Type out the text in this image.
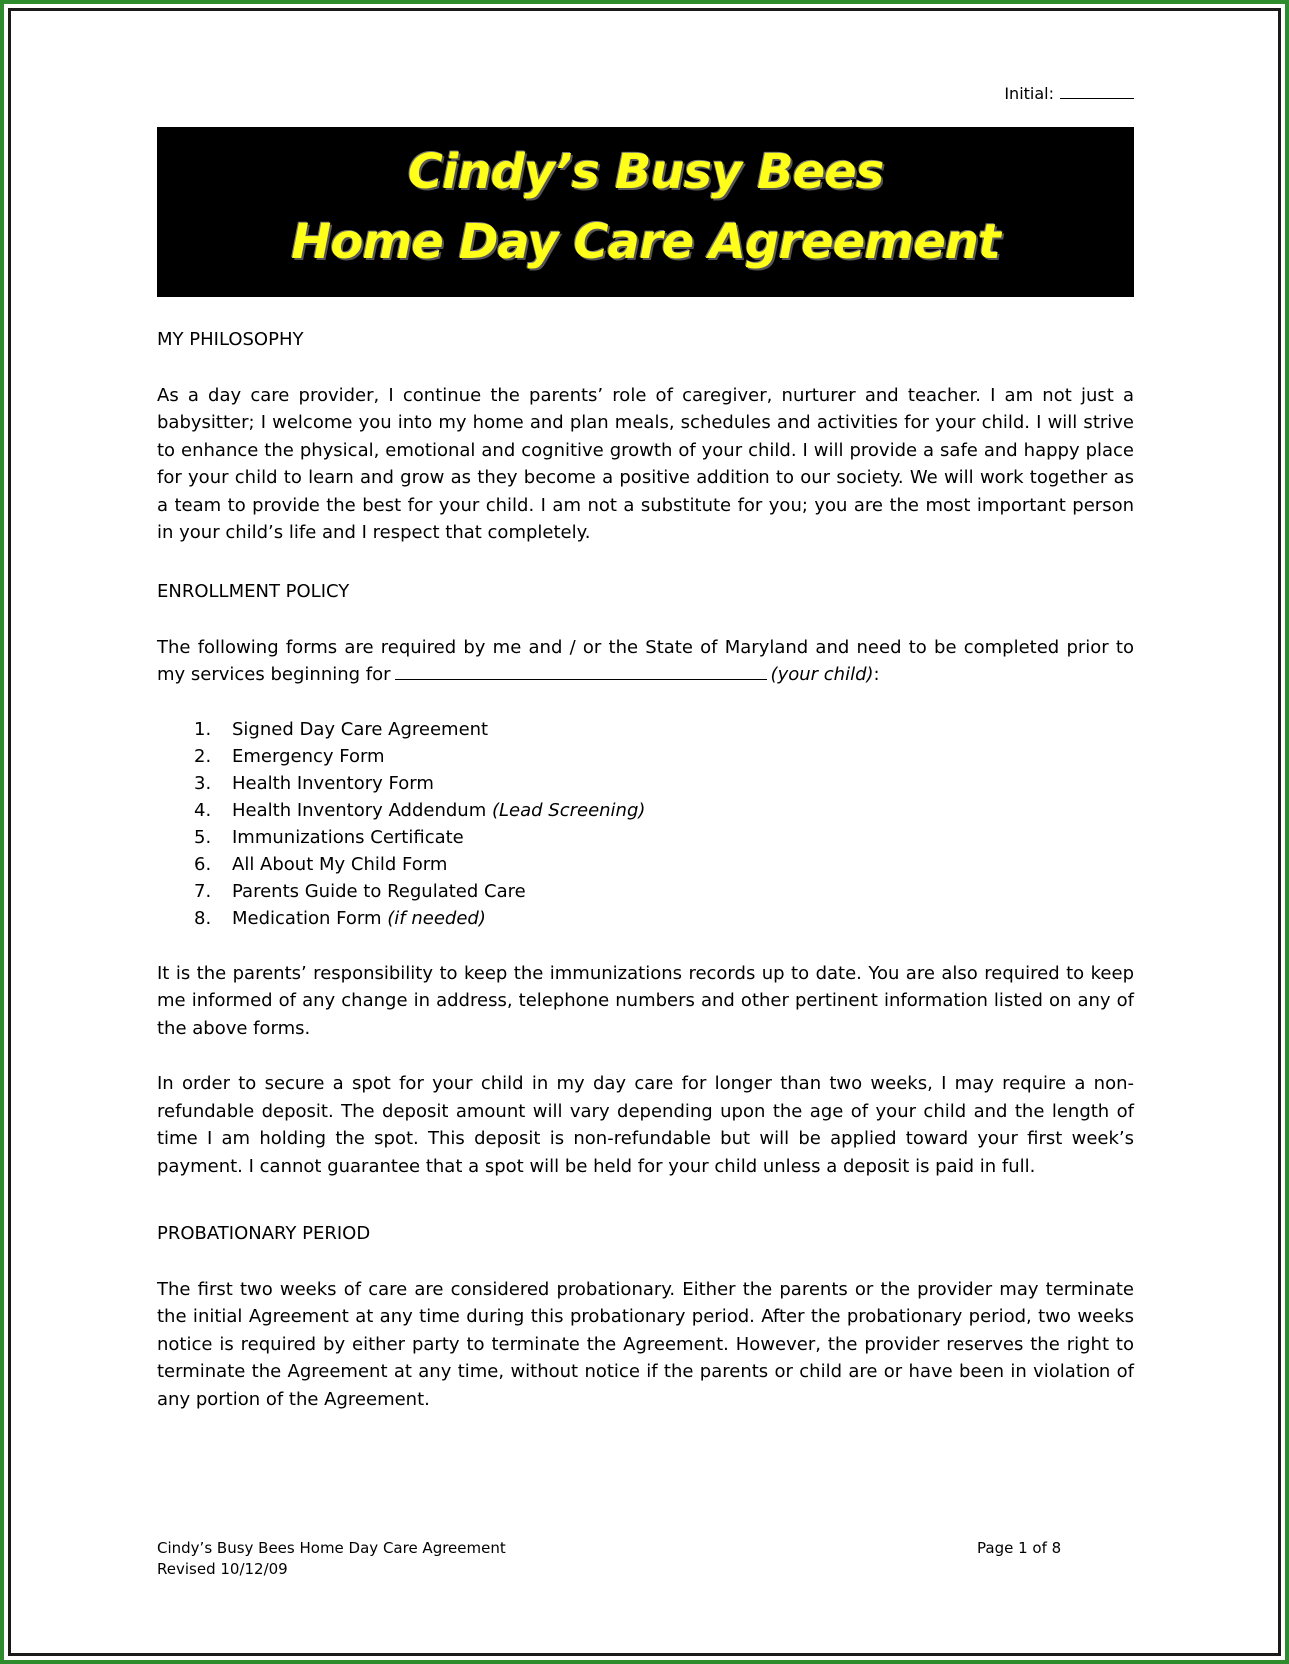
Initial:
Cindy’s Busy Bees
Home Day Care Agreement
MY PHILOSOPHY
As a day care provider, I continue the parents’ role of caregiver, nurturer and teacher. I am not just a babysitter; I welcome you into my home and plan meals, schedules and activities for your child. I will strive to enhance the physical, emotional and cognitive growth of your child. I will provide a safe and happy place for your child to learn and grow as they become a positive addition to our society. We will work together as a team to provide the best for your child. I am not a substitute for you; you are the most important person in your child’s life and I respect that completely.
ENROLLMENT POLICY
The following forms are required by me and / or the State of Maryland and need to be completed prior to my services beginning for	(your child):
1. Signed Day Care Agreement
2. Emergency Form
3. Health Inventory Form
4. Health Inventory Addendum (Lead Screening)
5. Immunizations Certificate
6. All About My Child Form
7. Parents Guide to Regulated Care
8. Medication Form (if needed)
It is the parents’ responsibility to keep the immunizations records up to date. You are also required to keep me informed of any change in address, telephone numbers and other pertinent information listed on any of the above forms.
In order to secure a spot for your child in my day care for longer than two weeks, I may require a non-refundable deposit. The deposit amount will vary depending upon the age of your child and the length of time I am holding the spot. This deposit is non-refundable but will be applied toward your first week’s payment. I cannot guarantee that a spot will be held for your child unless a deposit is paid in full.
PROBATIONARY PERIOD
The first two weeks of care are considered probationary. Either the parents or the provider may terminate the initial Agreement at any time during this probationary period. After the probationary period, two weeks notice is required by either party to terminate the Agreement. However, the provider reserves the right to terminate the Agreement at any time, without notice if the parents or child are or have been in violation of any portion of the Agreement.
Cindy’s Busy Bees Home Day Care Agreement
Revised 10/12/09
Page 1 of 8
